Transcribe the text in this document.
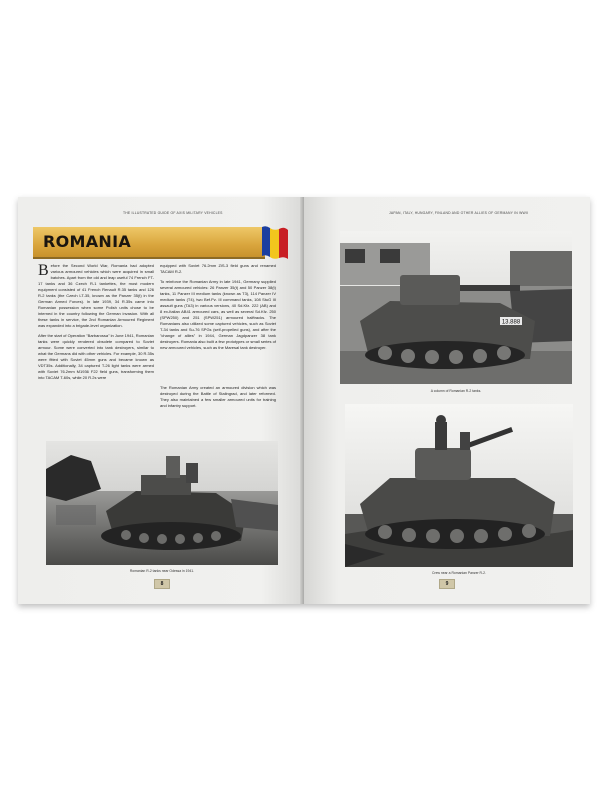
THE ILLUSTRATED GUIDE OF AXIS MILITARY VEHICLES
ROMANIA

Before the Second World War, Romania had adopted various armoured vehicles which were acquired in small batches. Apart from the old and leap useful 74 French FT-17 tanks and 36 Czech R-1 tankettes, the most modern equipment consisted of 41 French Renault R.35 tanks and 126 R-2 tanks (the Czech LT-35, known as the Panzer 35(t) in the German Armed Forces). In late 1939, 34 R.35s came into Romanian possession when some Polish units chose to be interned in the country following the German invasion. With all these tanks in service, the 2nd Romanian Armoured Regiment was expanded into a brigade-level organization.

After the start of Operation "Barbarossa" in June 1941, Romanian tanks were quickly rendered obsolete compared to Soviet armour. Some were converted into tank destroyers, similar to what the Germans did with other vehicles. For example, 30 R.35s were fitted with Soviet 45mm guns and became known as VDT35s. Additionally, 34 captured T-26 light tanks were armed with Soviet 76.2mm M1936 F22 field guns, transforming them into TACAM T-60s, while 20 R.2s were

equipped with Soviet 76.2mm ZiS-3 field guns and renamed TACAM R-2.

To reinforce the Romanian Army in late 1941, Germany supplied several armoured vehicles: 26 Panzer 35(t) and 50 Panzer 38(t) tanks, 11 Panzer III medium tanks (known as T3), 114 Panzer IV medium tanks (T4), two Bef.Pz. III command tanks, 108 StuG III assault guns (TA3) in various versions, 40 Sd.Kfz. 222 (AB) and 8 ex-Italian AB41 armoured cars, as well as several Sd.Kfz. 250 (SPW250) and 251 (SPW251) armoured halftracks. The Romanians also utilized some captured vehicles, such as Soviet T-34 tanks and Su-76 SPGs (self-propelled guns), and after the "change of allies" in 1944, German Jagdpanzer 38 tank destroyers. Romania also built a few prototypes or small series of new armoured vehicles, such as the Maresal tank destroyer.

Romanian R-2 tanks near Odessa in 1941.
8
JAPAN, ITALY, HUNGARY, FINLAND AND OTHER ALLIES OF GERMANY IN WWII
13.888
A column of Romanian R-2 tanks.
Crew near a Romanian Panzer R-2.
9

The Romanian Army created an armoured division which was destroyed during the Battle of Stalingrad, and later reformed. They also maintained a few smaller armoured units for training and infantry support.
